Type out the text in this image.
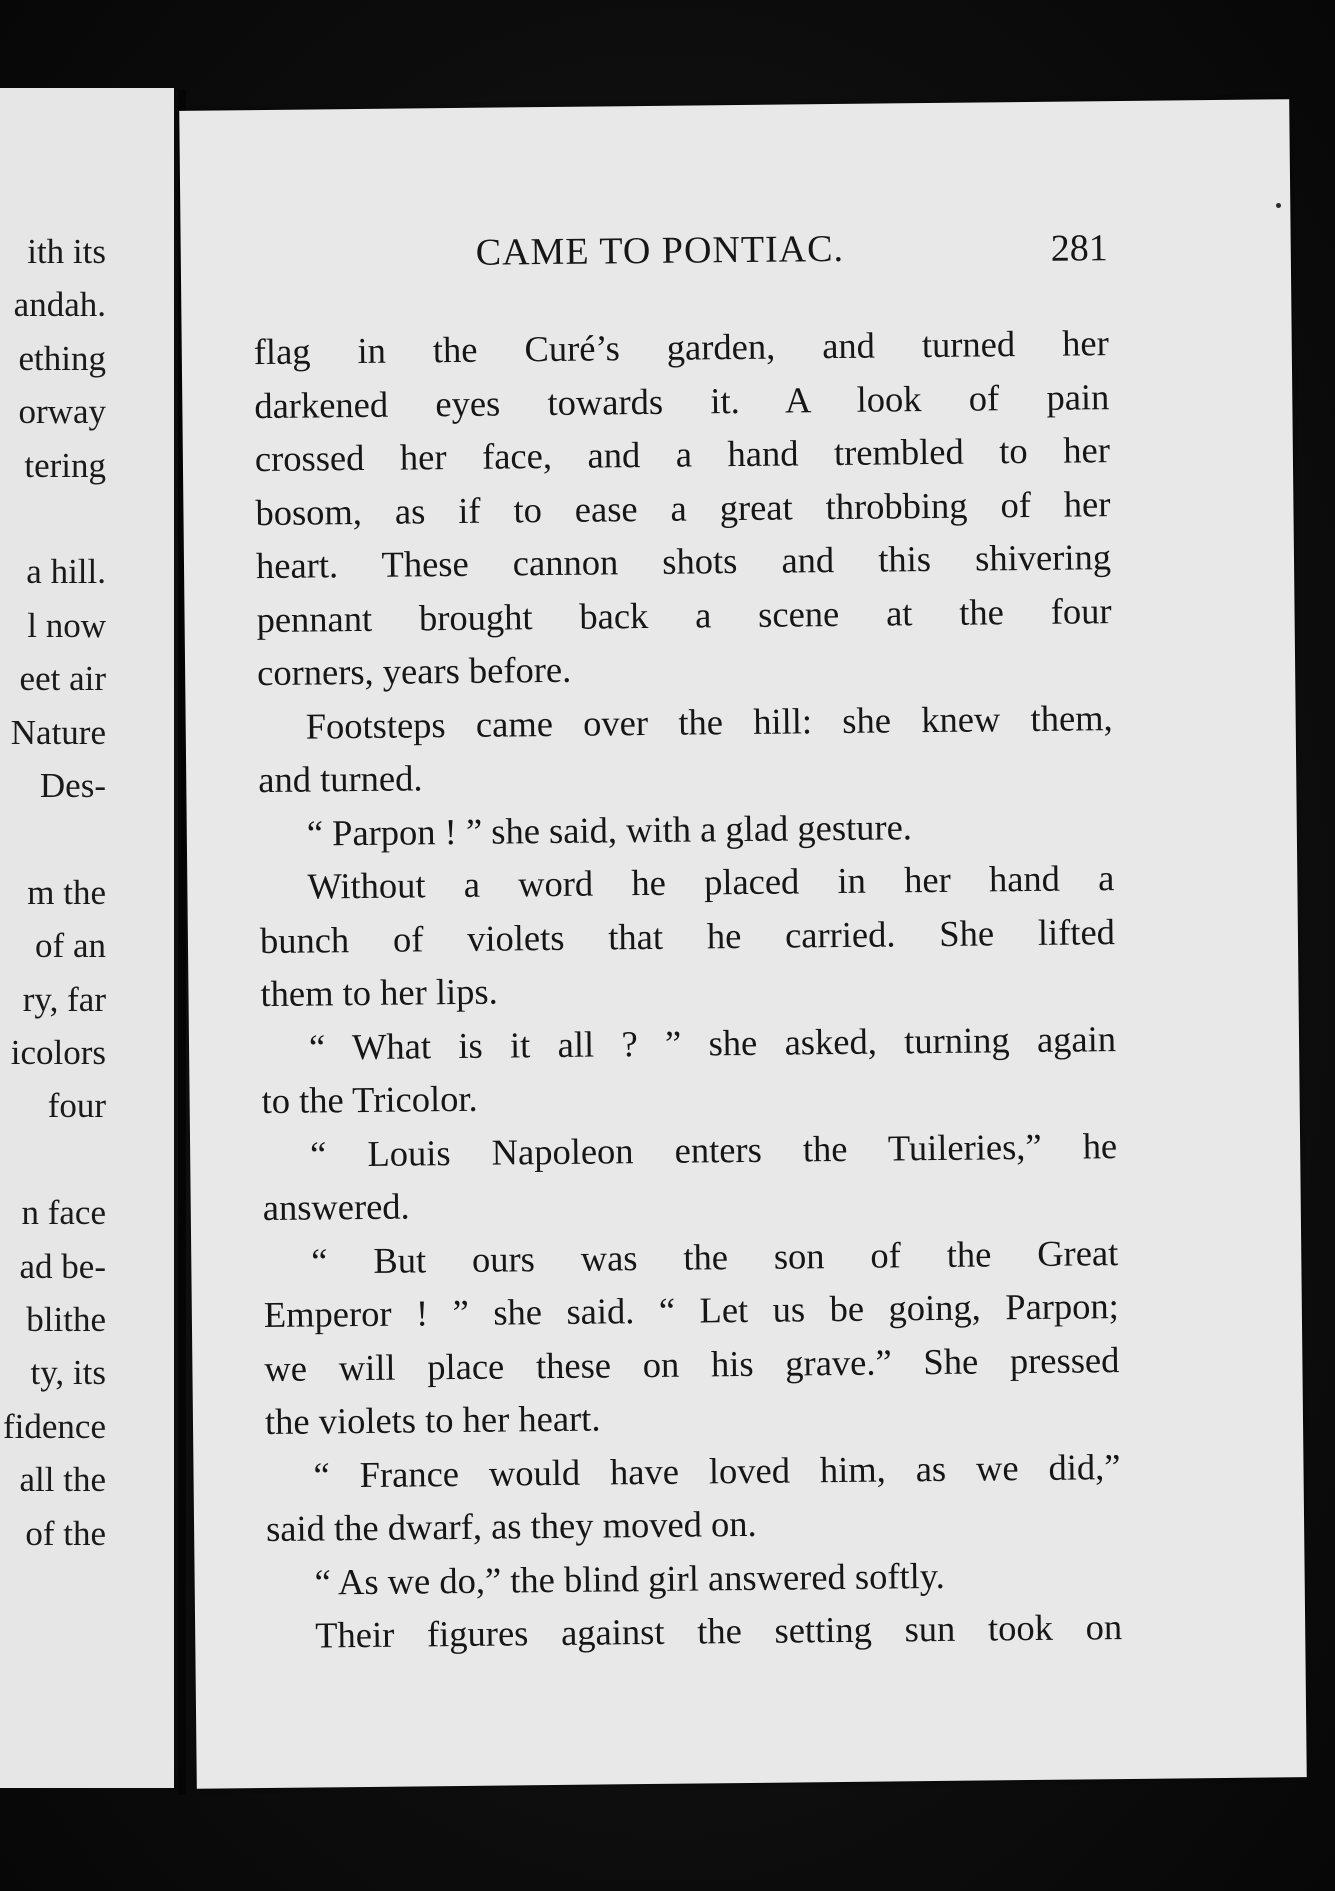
ith its
andah.
ething
orway
tering
a hill.
l now
eet air
Nature
Des-
m the
of an
ry, far
icolors
four
n face
ad be-
blithe
ty, its
fidence
all the
of the
CAME TO PONTIAC.	281
flag in the Curé’s garden, and turned her
darkened eyes towards it. A look of pain
crossed her face, and a hand trembled to her
bosom, as if to ease a great throbbing of her
heart. These cannon shots and this shivering
pennant brought back a scene at the four
corners, years before.
Footsteps came over the hill: she knew them,
and turned.
“ Parpon ! ” she said, with a glad gesture.
Without a word he placed in her hand a
bunch of violets that he carried. She lifted
them to her lips.
“ What is it all ? ” she asked, turning again
to the Tricolor.
“ Louis Napoleon enters the Tuileries,” he
answered.
“ But ours was the son of the Great
Emperor ! ” she said. “ Let us be going, Parpon;
we will place these on his grave.” She pressed
the violets to her heart.
“ France would have loved him, as we did,”
said the dwarf, as they moved on.
“ As we do,” the blind girl answered softly.
Their figures against the setting sun took on
